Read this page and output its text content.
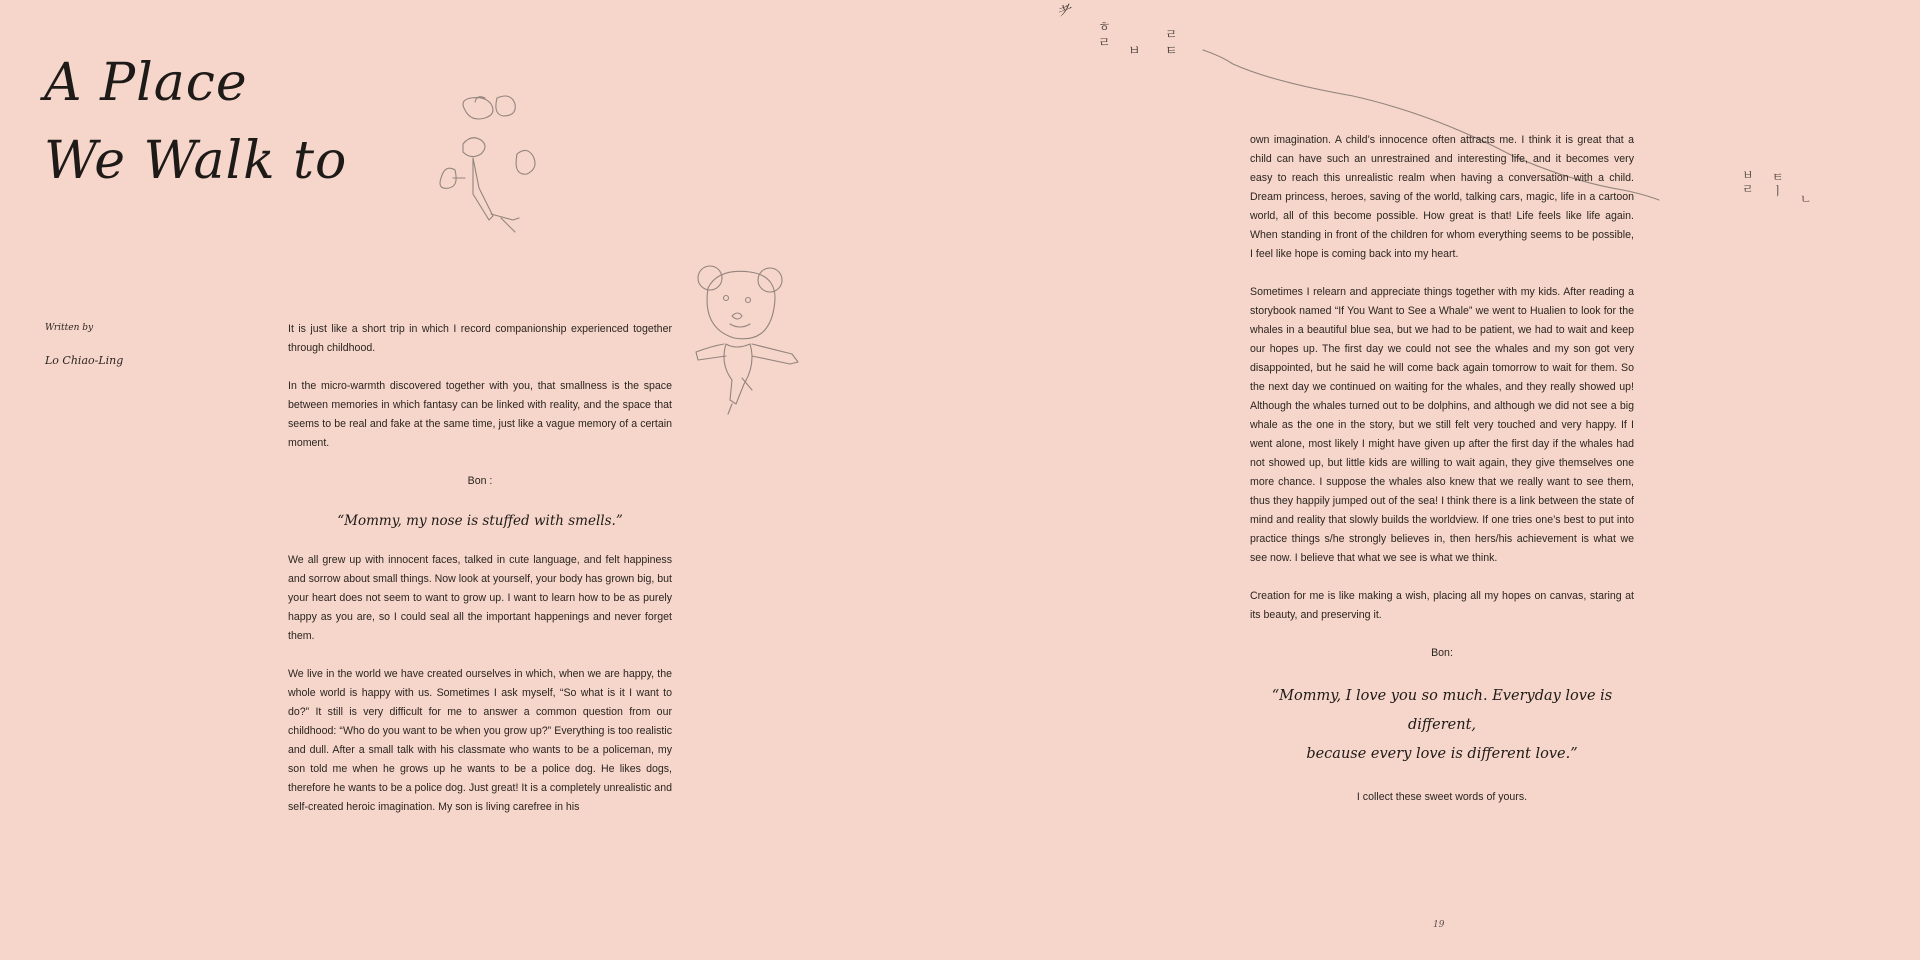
A Place
We Walk to
Written by
Lo Chiao-Ling
⺹
ㅎ
ㄹ
ㅂ
ㄹ
ㅌ
ㅂ
ㄹ
ㅌ
ㅣ
ㄴ

It is just like a short trip in which I record companionship experienced together through childhood.

In the micro-warmth discovered together with you, that smallness is the space between memories in which fantasy can be linked with reality, and the space that seems to be real and fake at the same time, just like a vague memory of a certain moment.

Bon :

“Mommy, my nose is stuffed with smells.”

We all grew up with innocent faces, talked in cute language, and felt happiness and sorrow about small things. Now look at yourself, your body has grown big, but your heart does not seem to want to grow up. I want to learn how to be as purely happy as you are, so I could seal all the important happenings and never forget them.

We live in the world we have created ourselves in which, when we are happy, the whole world is happy with us. Sometimes I ask myself, “So what is it I want to do?” It still is very difficult for me to answer a common question from our childhood: “Who do you want to be when you grow up?” Everything is too realistic and dull. After a small talk with his classmate who wants to be a policeman, my son told me when he grows up he wants to be a police dog. He likes dogs, therefore he wants to be a police dog. Just great! It is a completely unrealistic and self-created heroic imagination. My son is living carefree in his

own imagination. A child’s innocence often attracts me. I think it is great that a child can have such an unrestrained and interesting life, and it becomes very easy to reach this unrealistic realm when having a conversation with a child. Dream princess, heroes, saving of the world, talking cars, magic, life in a cartoon world, all of this become possible. How great is that! Life feels like life again. When standing in front of the children for whom everything seems to be possible, I feel like hope is coming back into my heart.

Sometimes I relearn and appreciate things together with my kids. After reading a storybook named “If You Want to See a Whale” we went to Hualien to look for the whales in a beautiful blue sea, but we had to be patient, we had to wait and keep our hopes up. The first day we could not see the whales and my son got very disappointed, but he said he will come back again tomorrow to wait for them. So the next day we continued on waiting for the whales, and they really showed up! Although the whales turned out to be dolphins, and although we did not see a big whale as the one in the story, but we still felt very touched and very happy. If I went alone, most likely I might have given up after the first day if the whales had not showed up, but little kids are willing to wait again, they give themselves one more chance. I suppose the whales also knew that we really want to see them, thus they happily jumped out of the sea! I think there is a link between the state of mind and reality that slowly builds the worldview. If one tries one’s best to put into practice things s/he strongly believes in, then hers/his achievement is what we see now. I believe that what we see is what we think.

Creation for me is like making a wish, placing all my hopes on canvas, staring at its beauty, and preserving it.

Bon:

“Mommy, I love you so much. Everyday love is different,
because every love is different love.”

I collect these sweet words of yours.

19
